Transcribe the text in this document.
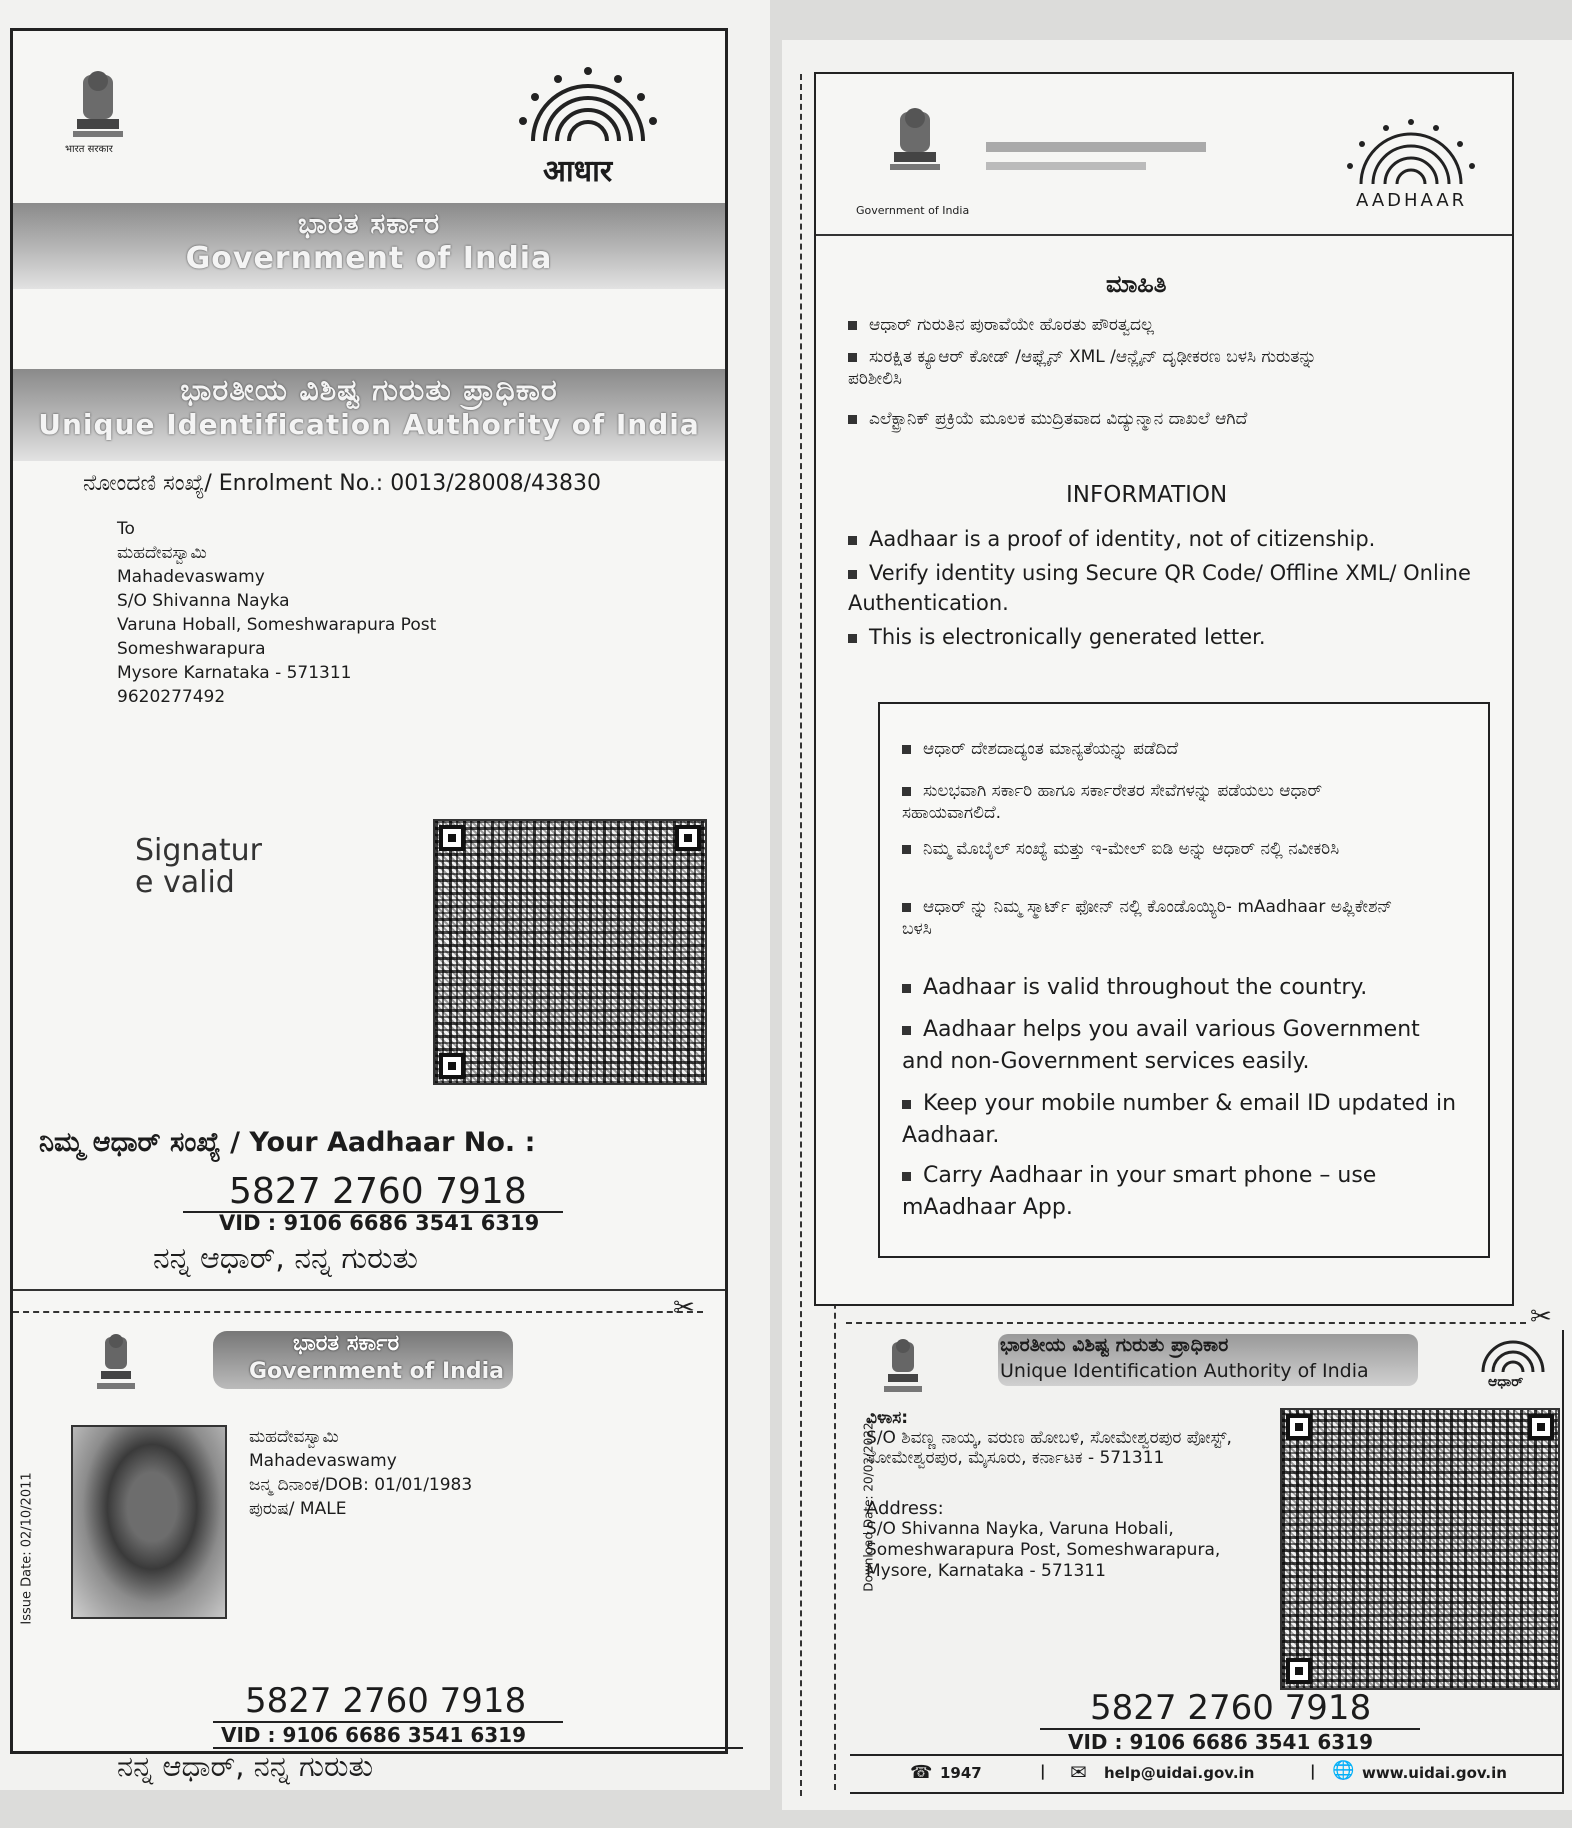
भारत सरकार
आधार
ಭಾರತ ಸರ್ಕಾರ
Government of India
ಭಾರತೀಯ ವಿಶಿಷ್ಟ ಗುರುತು ಪ್ರಾಧಿಕಾರ
Unique Identification Authority of India
ನೋಂದಣಿ ಸಂಖ್ಯೆ/ Enrolment No.: 0013/28008/43830
To
ಮಹದೇವಸ್ವಾಮಿ
Mahadevaswamy
S/O Shivanna Nayka
Varuna Hoball, Someshwarapura Post
Someshwarapura
Mysore Karnataka - 571311
9620277492
Signatur
e valid
ನಿಮ್ಮ ಆಧಾರ್ ಸಂಖ್ಯೆ / Your Aadhaar No. :
5827 2760 7918
VID : 9106 6686 3541 6319
ನನ್ನ ಆಧಾರ್, ನನ್ನ ಗುರುತು
✂
ಭಾರತ ಸರ್ಕಾರ
Government of India
ಮಹದೇವಸ್ವಾಮಿ
Mahadevaswamy
ಜನ್ಮ ದಿನಾಂಕ/DOB: 01/01/1983
ಪುರುಷ/ MALE
Issue Date: 02/10/2011
5827 2760 7918
VID : 9106 6686 3541 6319
ನನ್ನ ಆಧಾರ್, ನನ್ನ ಗುರುತು
Government of India	AADHAAR
ಮಾಹಿತಿ
ಆಧಾರ್ ಗುರುತಿನ ಪುರಾವೆಯೇ ಹೊರತು ಪೌರತ್ವದಲ್ಲ
ಸುರಕ್ಷಿತ ಕ್ಯೂಆರ್ ಕೋಡ್ /ಆಫ್ಲೈನ್ XML /ಆನ್ಲೈನ್ ದೃಢೀಕರಣ ಬಳಸಿ ಗುರುತನ್ನು ಪರಿಶೀಲಿಸಿ
ಎಲೆಕ್ಟ್ರಾನಿಕ್ ಪ್ರಕ್ರಿಯೆ ಮೂಲಕ ಮುದ್ರಿತವಾದ ವಿದ್ಯುನ್ಮಾನ ದಾಖಲೆ ಆಗಿದೆ
INFORMATION
Aadhaar is a proof of identity, not of citizenship.
Verify identity using Secure QR Code/ Offline XML/ Online Authentication.
This is electronically generated letter.
ಆಧಾರ್ ದೇಶದಾದ್ಯಂತ ಮಾನ್ಯತೆಯನ್ನು ಪಡೆದಿದೆ
ಸುಲಭವಾಗಿ ಸರ್ಕಾರಿ ಹಾಗೂ ಸರ್ಕಾರೇತರ ಸೇವೆಗಳನ್ನು ಪಡೆಯಲು ಆಧಾರ್ ಸಹಾಯವಾಗಲಿದೆ.
ನಿಮ್ಮ ಮೊಬೈಲ್ ಸಂಖ್ಯೆ ಮತ್ತು ಇ-ಮೇಲ್ ಐಡಿ ಅನ್ನು ಆಧಾರ್ ನಲ್ಲಿ ನವೀಕರಿಸಿ
ಆಧಾರ್ ನ್ನು ನಿಮ್ಮ ಸ್ಮಾರ್ಟ್ ಫೋನ್ ನಲ್ಲಿ ಕೊಂಡೊಯ್ಯಿರಿ- mAadhaar ಅಪ್ಲಿಕೇಶನ್ ಬಳಸಿ
Aadhaar is valid throughout the country.
Aadhaar helps you avail various Government and non-Government services easily.
Keep your mobile number & email ID updated in Aadhaar.
Carry Aadhaar in your smart phone – use mAadhaar App.
✂
ಭಾರತೀಯ ವಿಶಿಷ್ಟ ಗುರುತು ಪ್ರಾಧಿಕಾರ
Unique Identification Authority of India	ಆಧಾರ್
Download Date: 20/02/2022
ವಿಳಾಸ:
S/O ಶಿವಣ್ಣ ನಾಯ್ಕ, ವರುಣ ಹೋಬಳಿ, ಸೋಮೇಶ್ವರಪುರ ಪೋಸ್ಟ್, ಸೋಮೇಶ್ವರಪುರ, ಮೈಸೂರು, ಕರ್ನಾಟಕ - 571311
Address:
S/O Shivanna Nayka, Varuna Hobali, Someshwarapura Post, Someshwarapura, Mysore, Karnataka - 571311
5827 2760 7918
VID : 9106 6686 3541 6319
☎ 1947	| ✉ help@uidai.gov.in	| 🌐 www.uidai.gov.in
